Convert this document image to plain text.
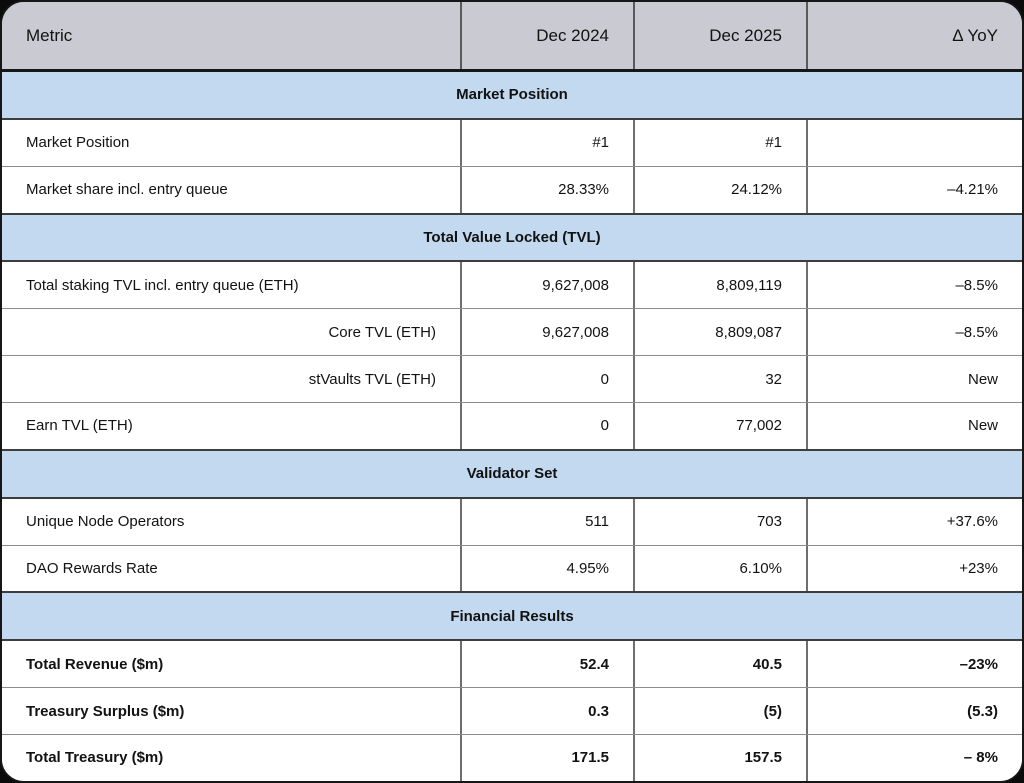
Metric	Dec 2024	Dec 2025	Δ YoY
Market Position
Market Position	#1	#1
Market share incl. entry queue	28.33%	24.12%	–4.21%
Total Value Locked (TVL)
Total staking TVL incl. entry queue (ETH)	9,627,008	8,809,119	–8.5%
Core TVL (ETH)	9,627,008	8,809,087	–8.5%
stVaults TVL (ETH)	0	32	New
Earn TVL (ETH)	0	77,002	New
Validator Set
Unique Node Operators	511	703	+37.6%
DAO Rewards Rate	4.95%	6.10%	+23%
Financial Results
Total Revenue ($m)	52.4	40.5	–23%
Treasury Surplus ($m)	0.3	(5)	(5.3)
Total Treasury ($m)	171.5	157.5	– 8%
